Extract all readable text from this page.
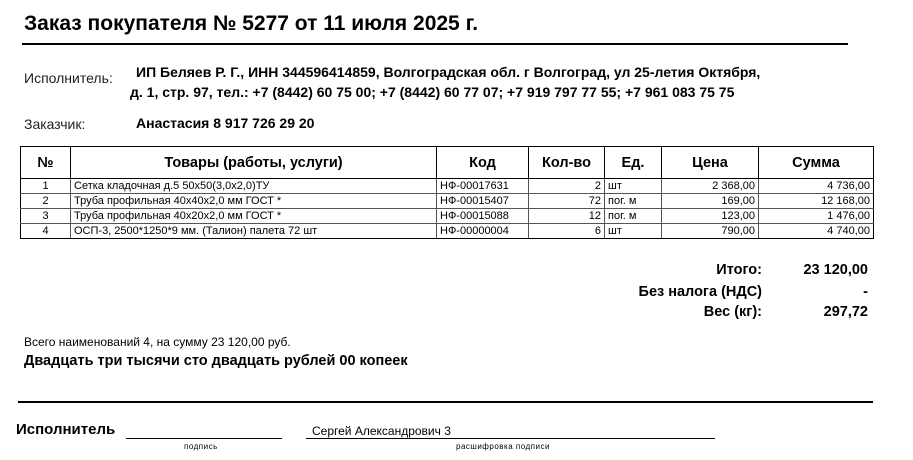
Заказ покупателя № 5277 от 11 июля 2025 г.
Исполнитель:	ИП Беляев Р. Г., ИНН 344596414859, Волгоградская обл. г Волгоград, ул 25-летия Октября,
д. 1, стр. 97, тел.: +7 (8442) 60 75 00; +7 (8442) 60 77 07; +7 919 797 77 55; +7 961 083 75 75
Заказчик:	Анастасия 8 917 726 29 20
№	Товары (работы, услуги)	Код	Кол-во	Ед.	Цена	Сумма
1	Сетка кладочная д.5 50х50(3,0х2,0)ТУ	НФ-00017631	2	шт	2 368,00	4 736,00
2	Труба профильная 40х40х2,0 мм ГОСТ *	НФ-00015407	72	пог. м	169,00	12 168,00
3	Труба профильная 40х20х2,0 мм ГОСТ *	НФ-00015088	12	пог. м	123,00	1 476,00
4	ОСП-3, 2500*1250*9 мм. (Талион) палета 72 шт	НФ-00000004	6	шт	790,00	4 740,00
Итого:	23 120,00
Без налога (НДС)	-
Вес (кг):	297,72
Всего наименований 4, на сумму 23 120,00 руб.
Двадцать три тысячи сто двадцать рублей 00 копеек
Исполнитель
подпись
Сергей Александрович 3
расшифровка подписи
